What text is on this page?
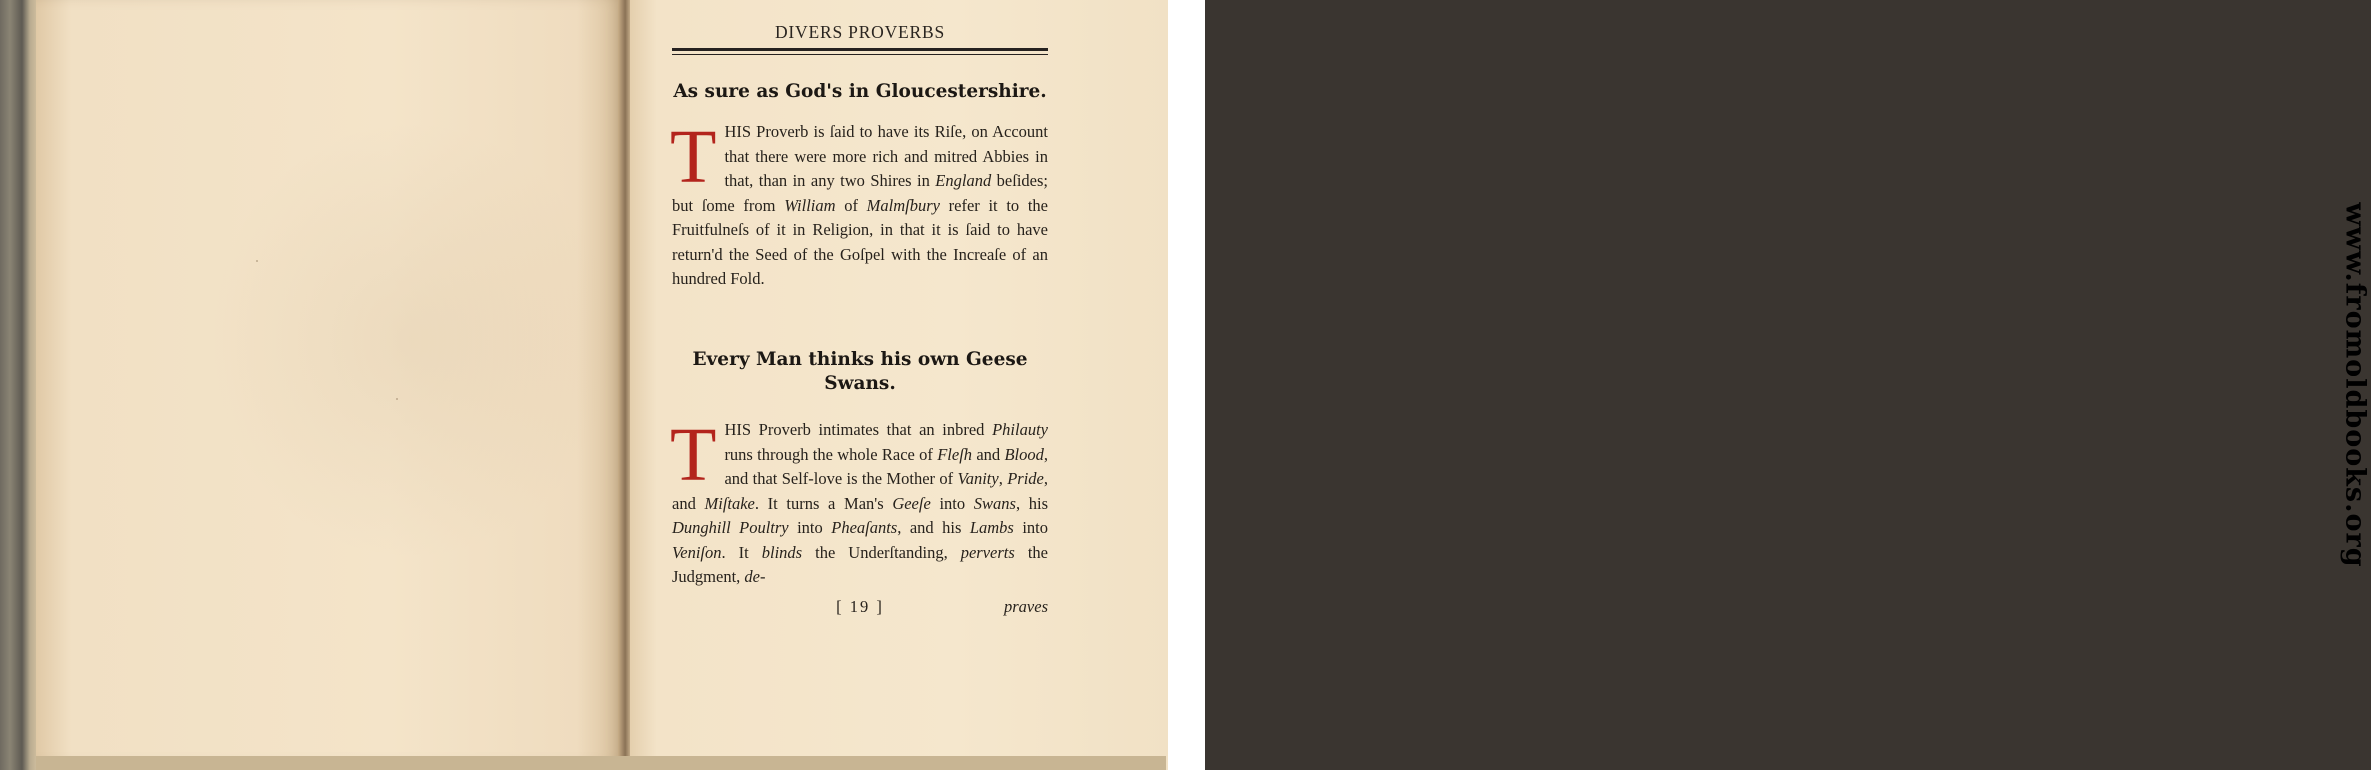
DIVERS PROVERBS
As sure as God's in Gloucestershire.
THIS Proverb is ſaid to have its Riſe, on Account that there were more rich and mitred Abbies in that, than in any two Shires in England beſides; but ſome from William of Malmſbury refer it to the Fruitfulneſs of it in Religion, in that it is ſaid to have return'd the Seed of the Goſpel with the Increaſe of an hundred Fold.
Every Man thinks his own Geese
Swans.
THIS Proverb intimates that an inbred Philauty runs through the whole Race of Fleſh and Blood, and that Self-love is the Mother of Vanity, Pride, and Miſtake. It turns a Man's Geeſe into Swans, his Dunghill Poultry into Pheaſants, and his Lambs into Veniſon. It blinds the Underſtanding, perverts the Judgment, de-
[ 19 ]	praves
www.fromoldbooks.org
